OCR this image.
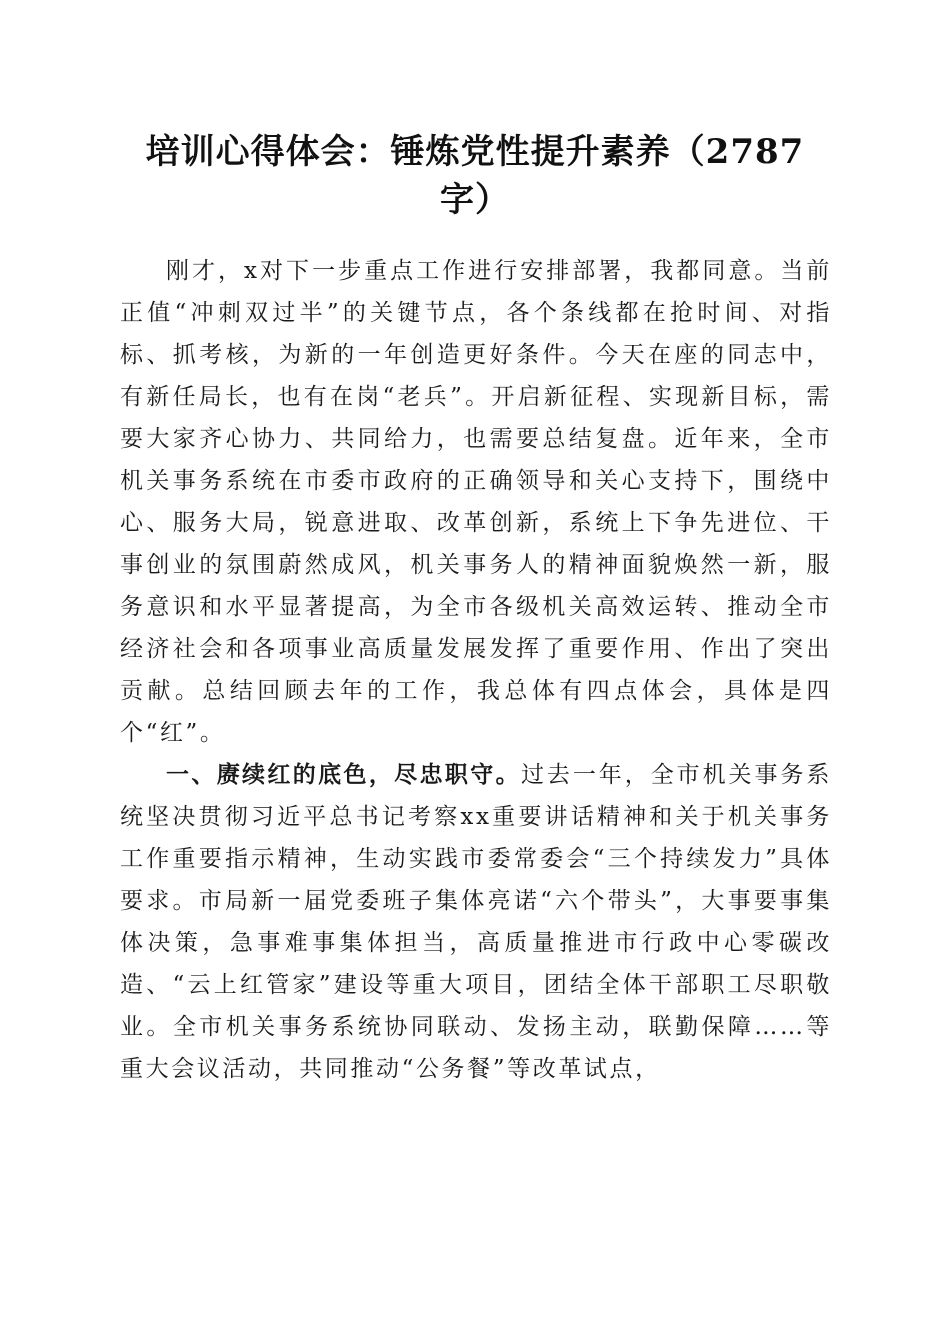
培训心得体会：锤炼党性提升素养（2787字）

刚才，x对下一步重点工作进行安排部署，我都同意。当前正值“冲刺双过半”的关键节点，各个条线都在抢时间、对指标、抓考核，为新的一年创造更好条件。今天在座的同志中，有新任局长，也有在岗“老兵”。开启新征程、实现新目标，需要大家齐心协力、共同给力，也需要总结复盘。近年来，全市机关事务系统在市委市政府的正确领导和关心支持下，围绕中心、服务大局，锐意进取、改革创新，系统上下争先进位、干事创业的氛围蔚然成风，机关事务人的精神面貌焕然一新，服务意识和水平显著提高，为全市各级机关高效运转、推动全市经济社会和各项事业高质量发展发挥了重要作用、作出了突出贡献。总结回顾去年的工作，我总体有四点体会，具体是四个“红”。

一、赓续红的底色，尽忠职守。过去一年，全市机关事务系统坚决贯彻习近平总书记考察xx重要讲话精神和关于机关事务工作重要指示精神，生动实践市委常委会“三个持续发力”具体要求。市局新一届党委班子集体亮诺“六个带头”，大事要事集体决策，急事难事集体担当，高质量推进市行政中心零碳改造、“云上红管家”建设等重大项目，团结全体干部职工尽职敬业。全市机关事务系统协同联动、发扬主动，联勤保障……等重大会议活动，共同推动“公务餐”等改革试点，
